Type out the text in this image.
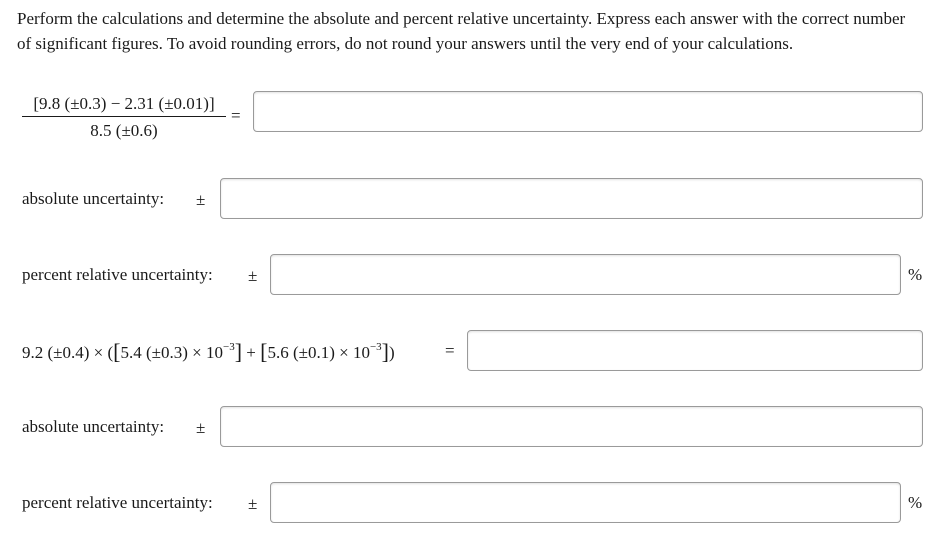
Perform the calculations and determine the absolute and percent relative uncertainty. Express each answer with the correct number of significant figures. To avoid rounding errors, do not round your answers until the very end of your calculations.
$\frac{[9.8 (\pm 0.3) - 2.31 (\pm 0.01)]}{8.5 (\pm 0.6)}$ =
absolute uncertainty: ±
percent relative uncertainty: ±	%
9.2 (±0.4) × ([5.4 $(\pm 0.3) \times 10^{-3}] + [5.6$ $(\pm 0.1) \times 10^{-3}$])	=
absolute uncertainty: ±
percent relative uncertainty: ±	%
